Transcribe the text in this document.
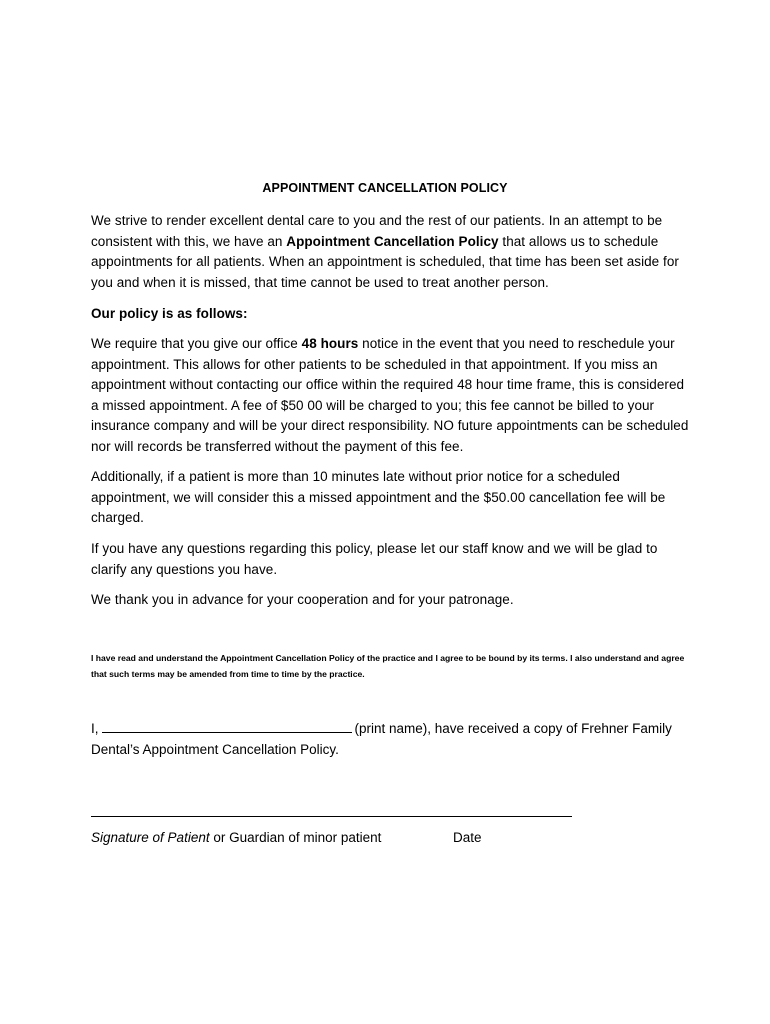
APPOINTMENT CANCELLATION POLICY
We strive to render excellent dental care to you and the rest of our patients. In an attempt to be consistent with this, we have an Appointment Cancellation Policy that allows us to schedule appointments for all patients. When an appointment is scheduled, that time has been set aside for you and when it is missed, that time cannot be used to treat another person.
Our policy is as follows:
We require that you give our office 48 hours notice in the event that you need to reschedule your appointment. This allows for other patients to be scheduled in that appointment. If you miss an appointment without contacting our office within the required 48 hour time frame, this is considered a missed appointment. A fee of $50 00 will be charged to you; this fee cannot be billed to your insurance company and will be your direct responsibility. NO future appointments can be scheduled nor will records be transferred without the payment of this fee.
Additionally, if a patient is more than 10 minutes late without prior notice for a scheduled appointment, we will consider this a missed appointment and the $50.00 cancellation fee will be charged.
If you have any questions regarding this policy, please let our staff know and we will be glad to clarify any questions you have.
We thank you in advance for your cooperation and for your patronage.
I have read and understand the Appointment Cancellation Policy of the practice and I agree to be bound by its terms. I also understand and agree that such terms may be amended from time to time by the practice.
I,	(print name), have received a copy of Frehner Family Dental’s Appointment Cancellation Policy.
Signature of Patient or Guardian of minor patient	Date
